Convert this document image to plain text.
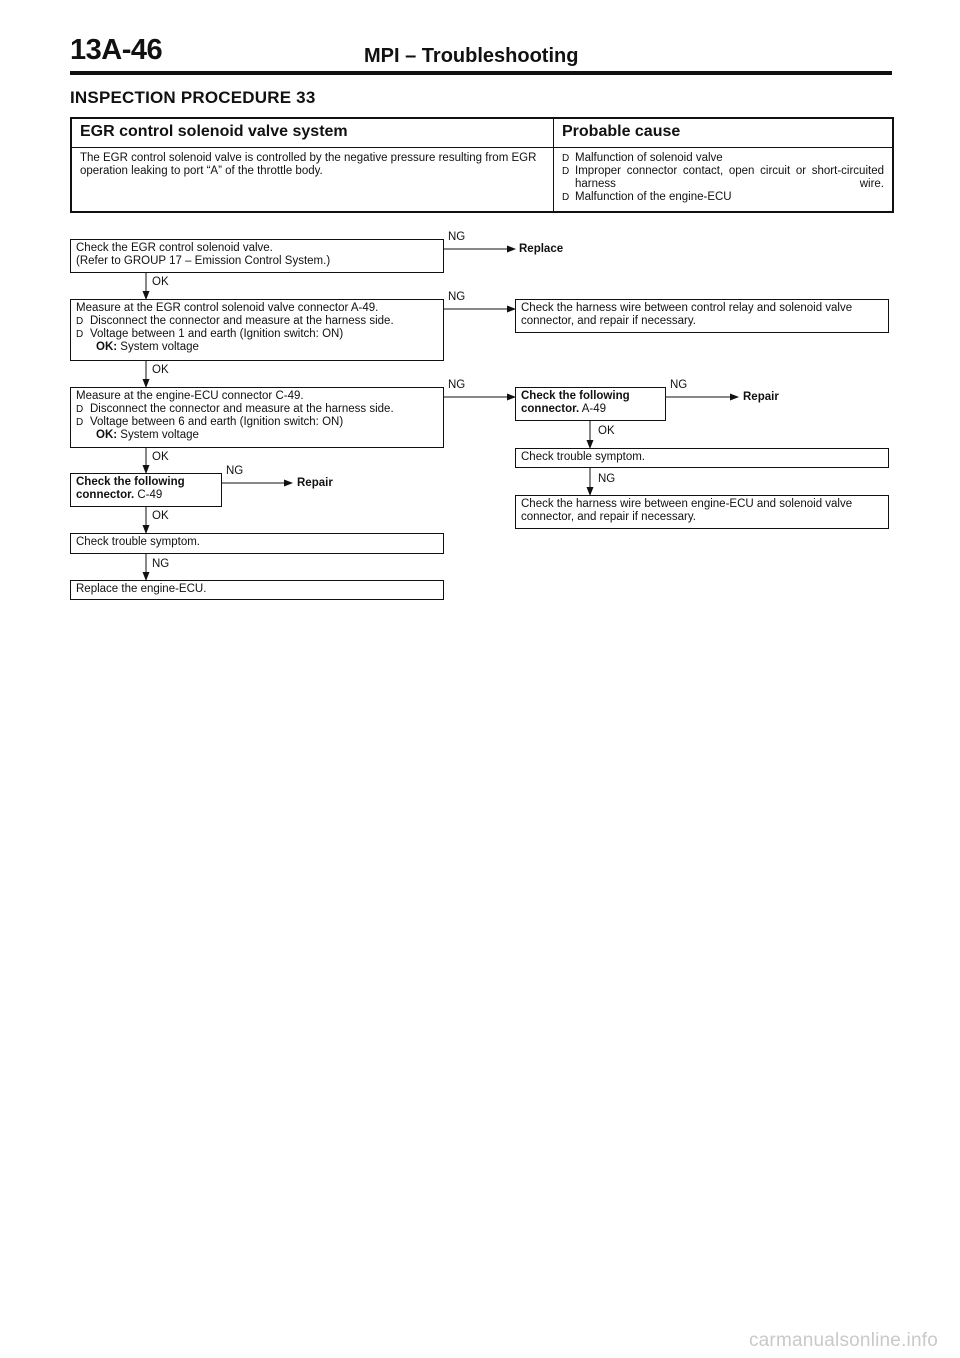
13A-46	MPI – Troubleshooting
INSPECTION PROCEDURE 33
EGR control solenoid valve system	Probable cause
The EGR control solenoid valve is controlled by the negative pressure resulting from EGR operation leaking to port “A” of the throttle body.
D Malfunction of solenoid valve
D Improper connector contact, open circuit or short-circuited harness wire.
D Malfunction of the engine-ECU
Check the EGR control solenoid valve.
(Refer to GROUP 17 – Emission Control System.)
NG
Replace
OK
Measure at the EGR control solenoid valve connector A-49.
D Disconnect the connector and measure at the harness side.
D Voltage between 1 and earth (Ignition switch: ON)
OK: System voltage
NG
Check the harness wire between control relay and solenoid valve connector, and repair if necessary.
OK
Measure at the engine-ECU connector C-49.
D Disconnect the connector and measure at the harness side.
D Voltage between 6 and earth (Ignition switch: ON)
OK: System voltage
NG
Check the following
connector. A-49
NG
Repair
OK
Check trouble symptom.
NG
Check the harness wire between engine-ECU and solenoid valve connector, and repair if necessary.
OK
Check the following
connector. C-49
NG
Repair
OK
Check trouble symptom.
NG
Replace the engine-ECU.
carmanualsonline.info
